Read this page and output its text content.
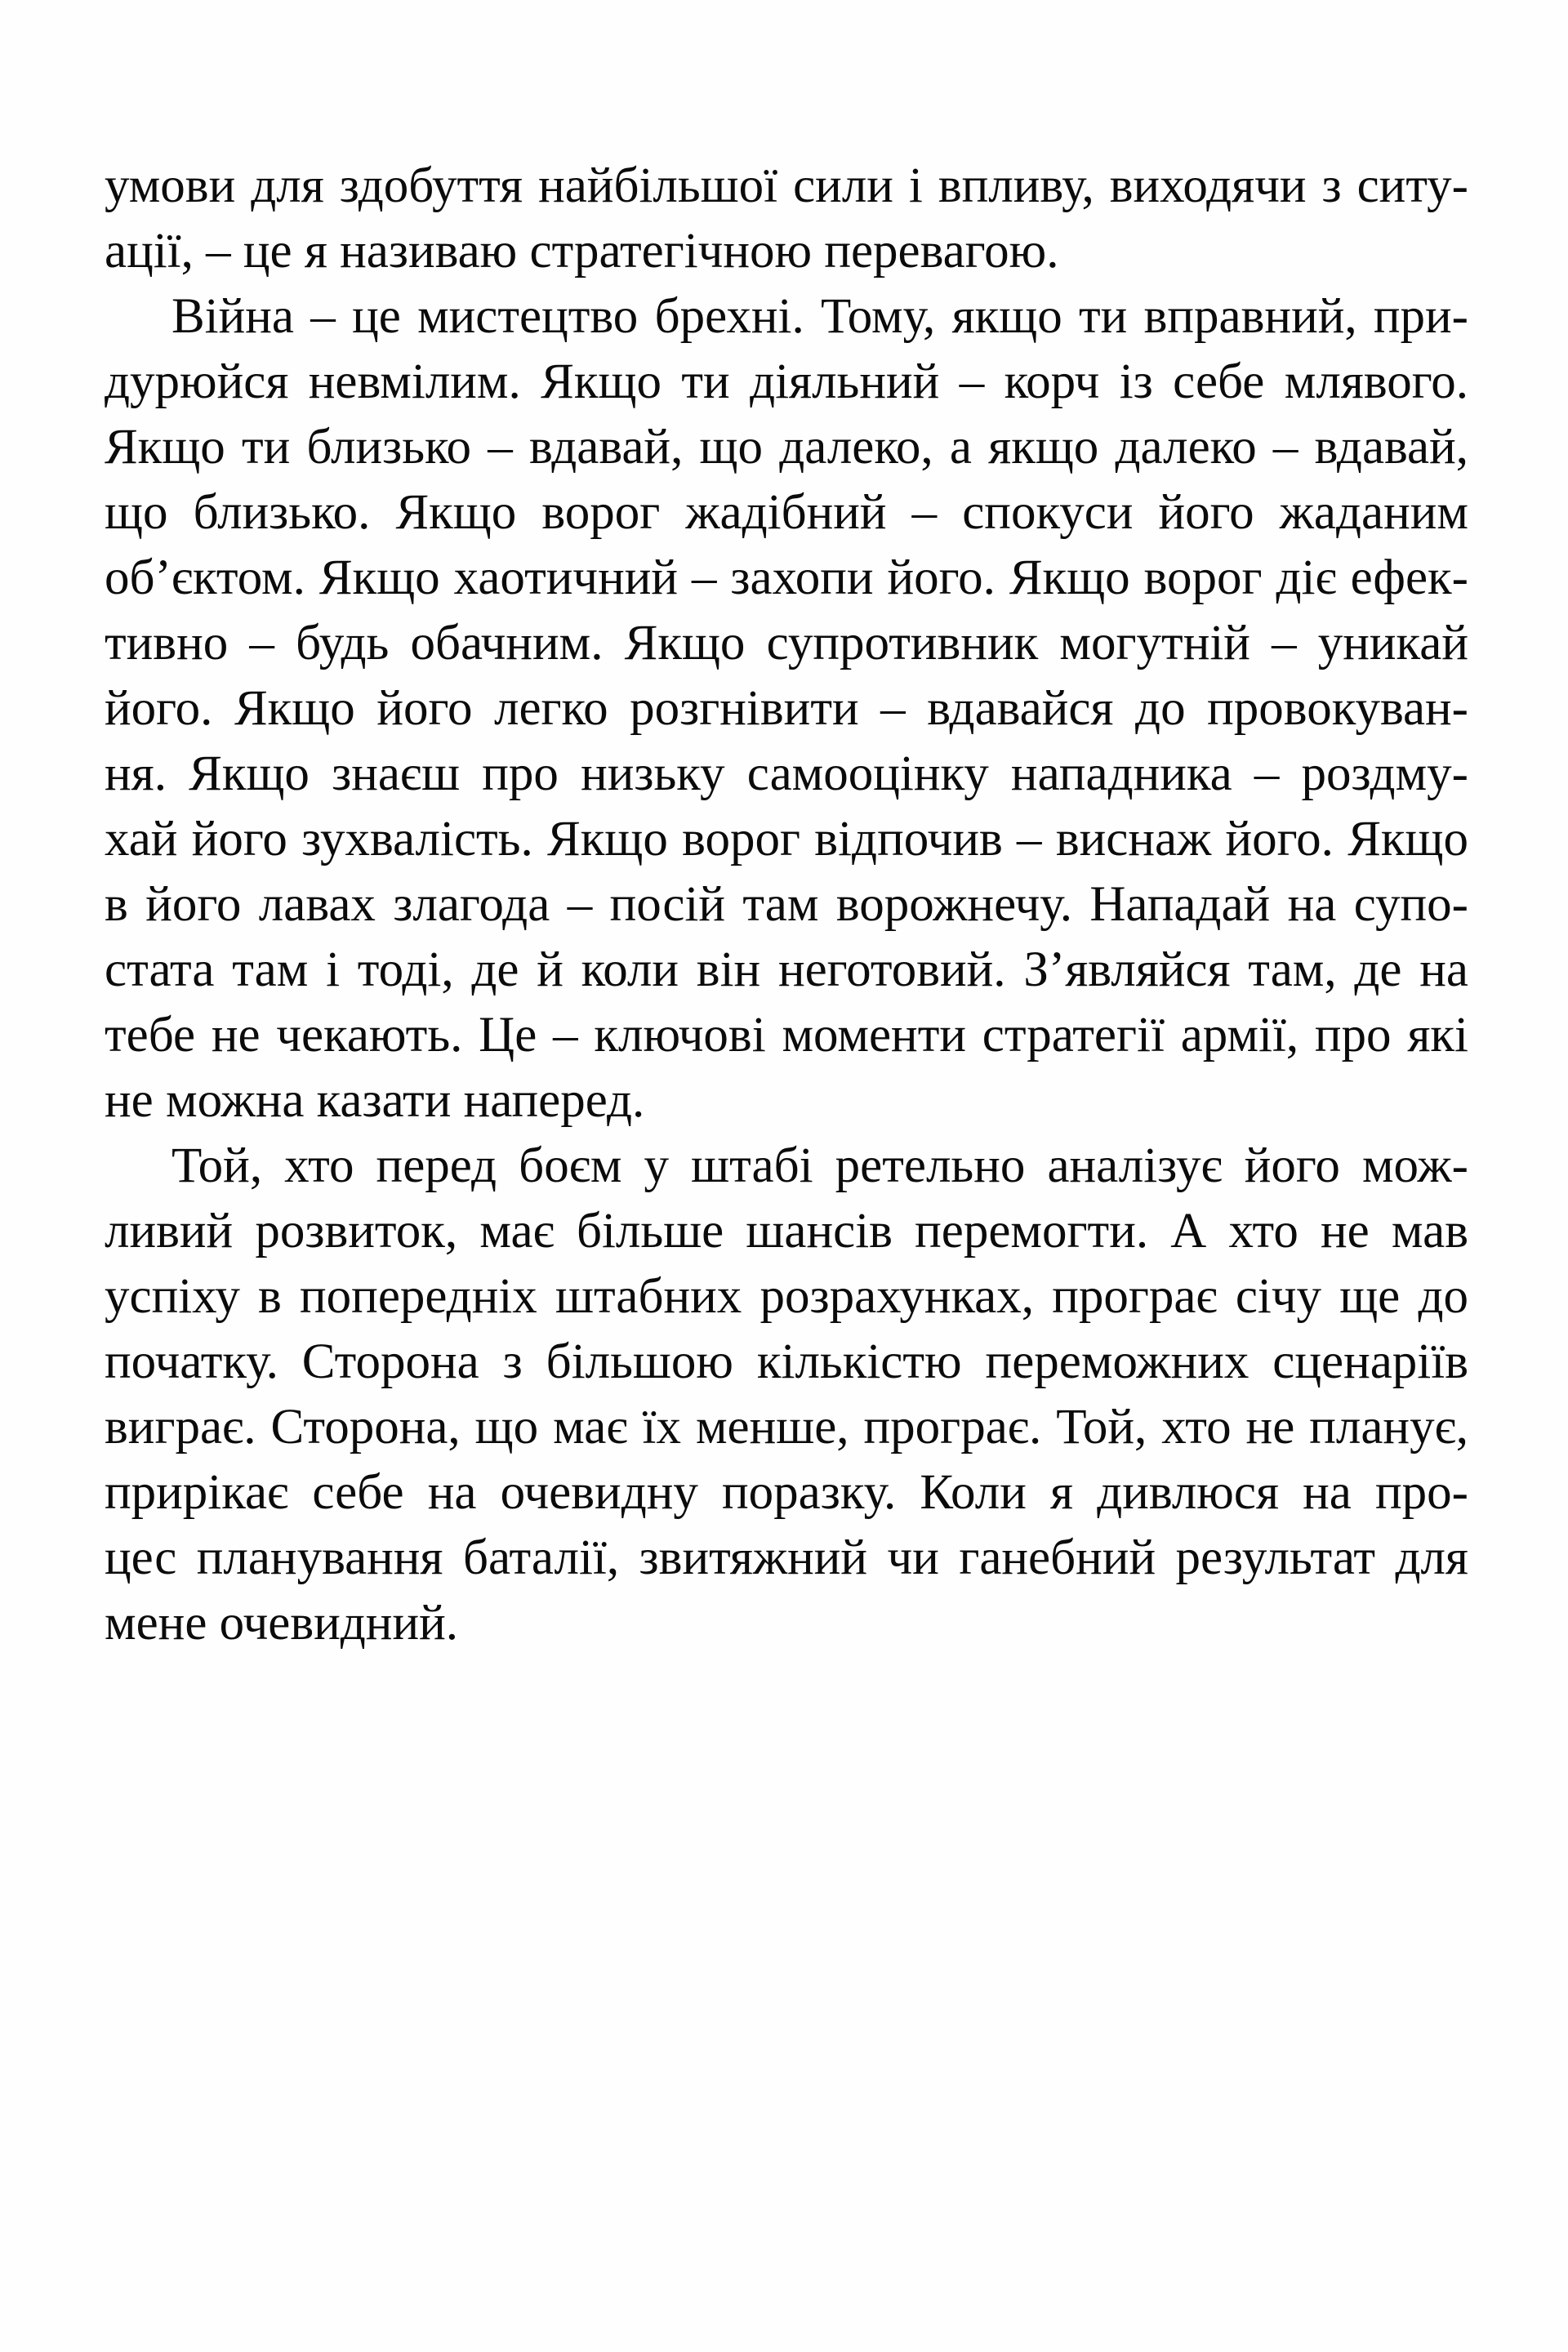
умови для здобуття найбільшої сили і впливу, виходячи з ситу-
ації, – це я називаю стратегічною перевагою.
Війна – це мистецтво брехні. Тому, якщо ти вправний, при-
дурюйся невмілим. Якщо ти діяльний – корч із себе млявого.
Якщо ти близько – вдавай, що далеко, а якщо далеко – вдавай,
що близько. Якщо ворог жадібний – спокуси його жаданим
об’єктом. Якщо хаотичний – захопи його. Якщо ворог діє ефек-
тивно – будь обачним. Якщо супротивник могутній – уникай
його. Якщо його легко розгнівити – вдавайся до провокуван-
ня. Якщо знаєш про низьку самооцінку нападника – роздму-
хай його зухвалість. Якщо ворог відпочив – виснаж його. Якщо
в його лавах злагода – посій там ворожнечу. Нападай на супо-
стата там і тоді, де й коли він неготовий. З’являйся там, де на
тебе не чекають. Це – ключові моменти стратегії армії, про які
не можна казати наперед.
Той, хто перед боєм у штабі ретельно аналізує його мож-
ливий розвиток, має більше шансів перемогти. А хто не мав
успіху в попередніх штабних розрахунках, програє січу ще до
початку. Сторона з більшою кількістю переможних сценаріїв
виграє. Сторона, що має їх менше, програє. Той, хто не планує,
прирікає себе на очевидну поразку. Коли я дивлюся на про-
цес планування баталії, звитяжний чи ганебний результат для
мене очевидний.
